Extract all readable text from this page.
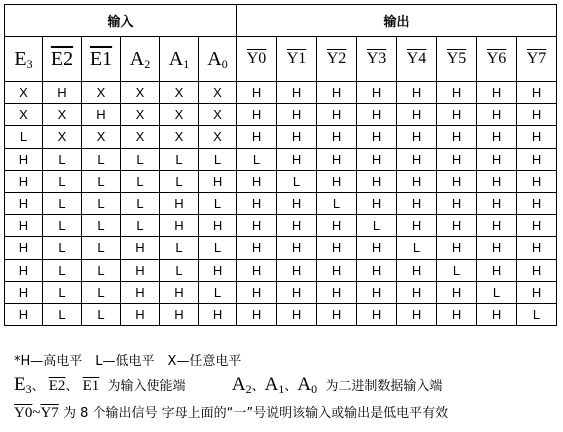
输入						输出							
$E_3$	E2	E1	$A_2$	$A_1$	$A_0$	Y0	Y1	Y2	Y3	Y4	Y5	Y6	Y7
X	H	X	X	X	X	H	H	H	H	H	H	H	H
X	X	H	X	X	X	H	H	H	H	H	H	H	H
L	X	X	X	X	X	H	H	H	H	H	H	H	H
H	L	L	L	L	L	L	H	H	H	H	H	H	H
H	L	L	L	L	H	H	L	H	H	H	H	H	H
H	L	L	L	H	L	H	H	L	H	H	H	H	H
H	L	L	L	H	H	H	H	H	L	H	H	H	H
H	L	L	H	L	L	H	H	H	H	L	H	H	H
H	L	L	H	L	H	H	H	H	H	H	L	H	H
H	L	L	H	H	L	H	H	H	H	H	H	L	H
H	L	L	H	H	H	H	H	H	H	H	H	H	L
*H—高电平　L—低电平　X—任意电平
$E_3$、 E2、 E1 为输入使能端 $A_2$、$A_1$、$A_0$ 为二进制数据输入端
Y0~Y7 为 8 个输出信号 字母上面的“一”号说明该输入或输出是低电平有效
